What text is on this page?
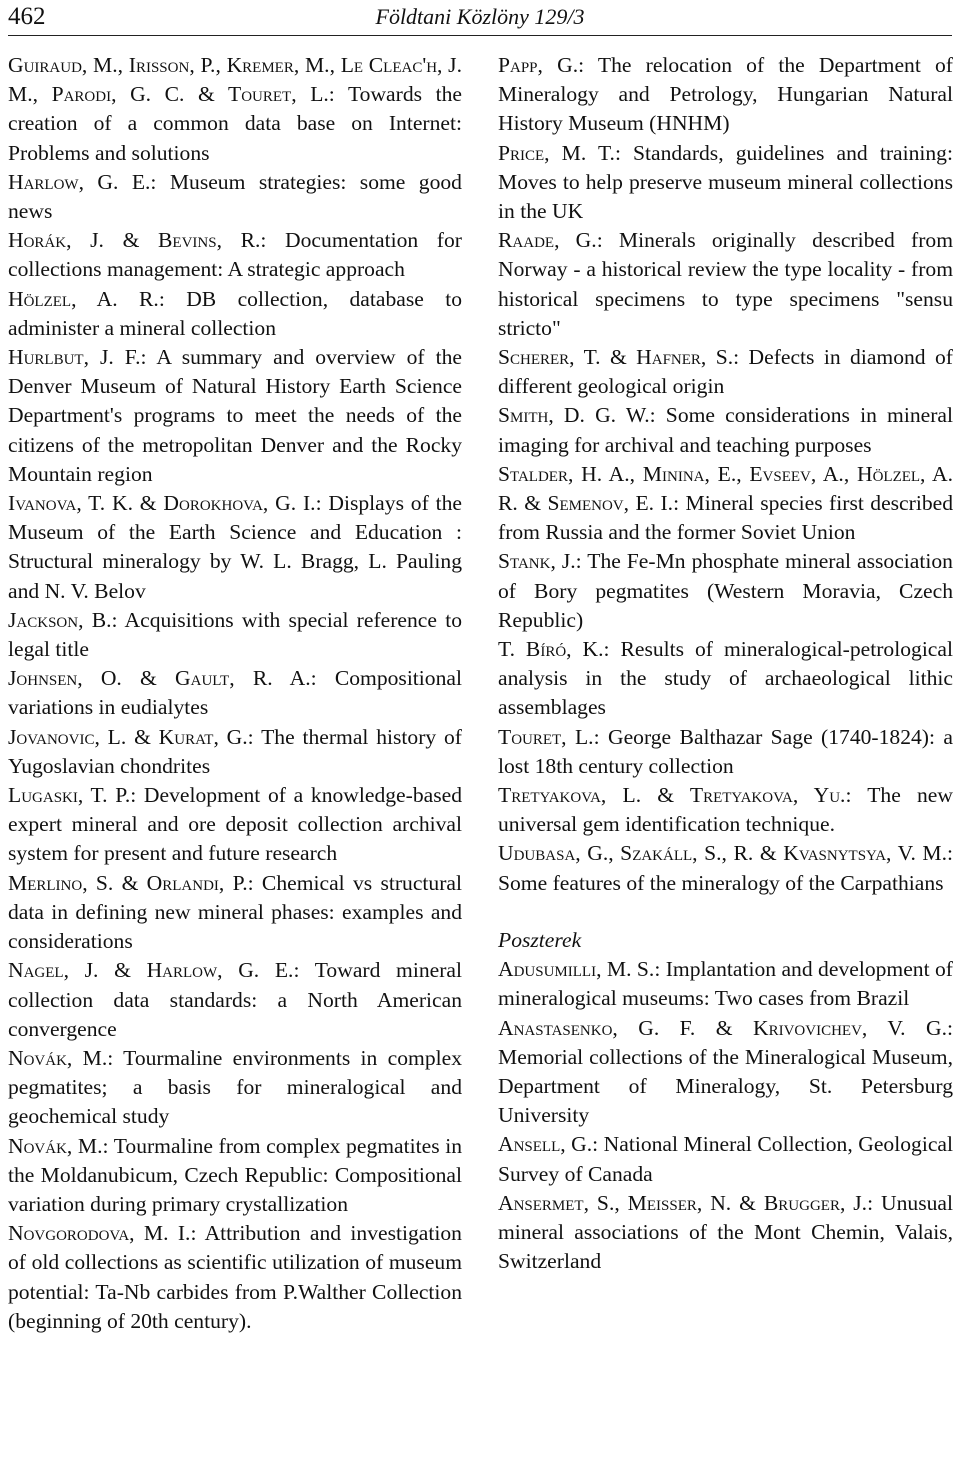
462	Földtani Közlöny 129/3

Guiraud, M., Irisson, P., Kremer, M., Le Cleac'h, J. M., Parodi, G. C. & Touret, L.: Towards the creation of a common data base on Internet: Problems and solutions

Harlow, G. E.: Museum strategies: some good news

Horák, J. & Bevins, R.: Documentation for collections management: A strategic approach

Hölzel, A. R.: DB collection, database to administer a mineral collection

Hurlbut, J. F.: A summary and overview of the Denver Museum of Natural History Earth Science Department's programs to meet the needs of the citizens of the metropolitan Denver and the Rocky Mountain region

Ivanova, T. K. & Dorokhova, G. I.: Displays of the Museum of the Earth Science and Education : Structural mineralogy by W. L. Bragg, L. Pauling and N. V. Belov

Jackson, B.: Acquisitions with special reference to legal title

Johnsen, O. & Gault, R. A.: Compositional variations in eudialytes

Jovanovic, L. & Kurat, G.: The thermal history of Yugoslavian chondrites

Lugaski, T. P.: Development of a knowledge-based expert mineral and ore deposit collection archival system for present and future research

Merlino, S. & Orlandi, P.: Chemical vs structural data in defining new mineral phases: examples and considerations

Nagel, J. & Harlow, G. E.: Toward mineral collection data standards: a North American convergence

Novák, M.: Tourmaline environments in complex pegmatites; a basis for mineralogical and geochemical study

Novák, M.: Tourmaline from complex pegmatites in the Moldanubicum, Czech Republic: Compositional variation during primary crystallization

Novgorodova, M. I.: Attribution and investigation of old collections as scientific utilization of museum potential: Ta-Nb carbides from P.Walther Collection (beginning of 20th century).

Papp, G.: The relocation of the Department of Mineralogy and Petrology, Hungarian Natural History Museum (HNHM)

Price, M. T.: Standards, guidelines and training: Moves to help preserve museum mineral collections in the UK

Raade, G.: Minerals originally described from Norway - a historical review the type locality - from historical specimens to type specimens "sensu stricto"

Scherer, T. & Hafner, S.: Defects in diamond of different geological origin

Smith, D. G. W.: Some considerations in mineral imaging for archival and teaching purposes

Stalder, H. A., Minina, E., Evseev, A., Hölzel, A. R. & Semenov, E. I.: Mineral species first described from Russia and the former Soviet Union

Stank, J.: The Fe-Mn phosphate mineral association of Bory pegmatites (Western Moravia, Czech Republic)

T. Bíró, K.: Results of mineralogical-petrological analysis in the study of archaeological lithic assemblages

Touret, L.: George Balthazar Sage (1740-1824): a lost 18th century collection

Tretyakova, L. & Tretyakova, Yu.: The new universal gem identification technique.

Udubasa, G., Szakáll, S., R. & Kvasnytsya, V. M.: Some features of the mineralogy of the Carpathians

Poszterek

Adusumilli, M. S.: Implantation and development of mineralogical museums: Two cases from Brazil

Anastasenko, G. F. & Krivovichev, V. G.: Memorial collections of the Mineralogical Museum, Department of Mineralogy, St. Petersburg University

Ansell, G.: National Mineral Collection, Geological Survey of Canada

Ansermet, S., Meisser, N. & Brugger, J.: Unusual mineral associations of the Mont Chemin, Valais, Switzerland
